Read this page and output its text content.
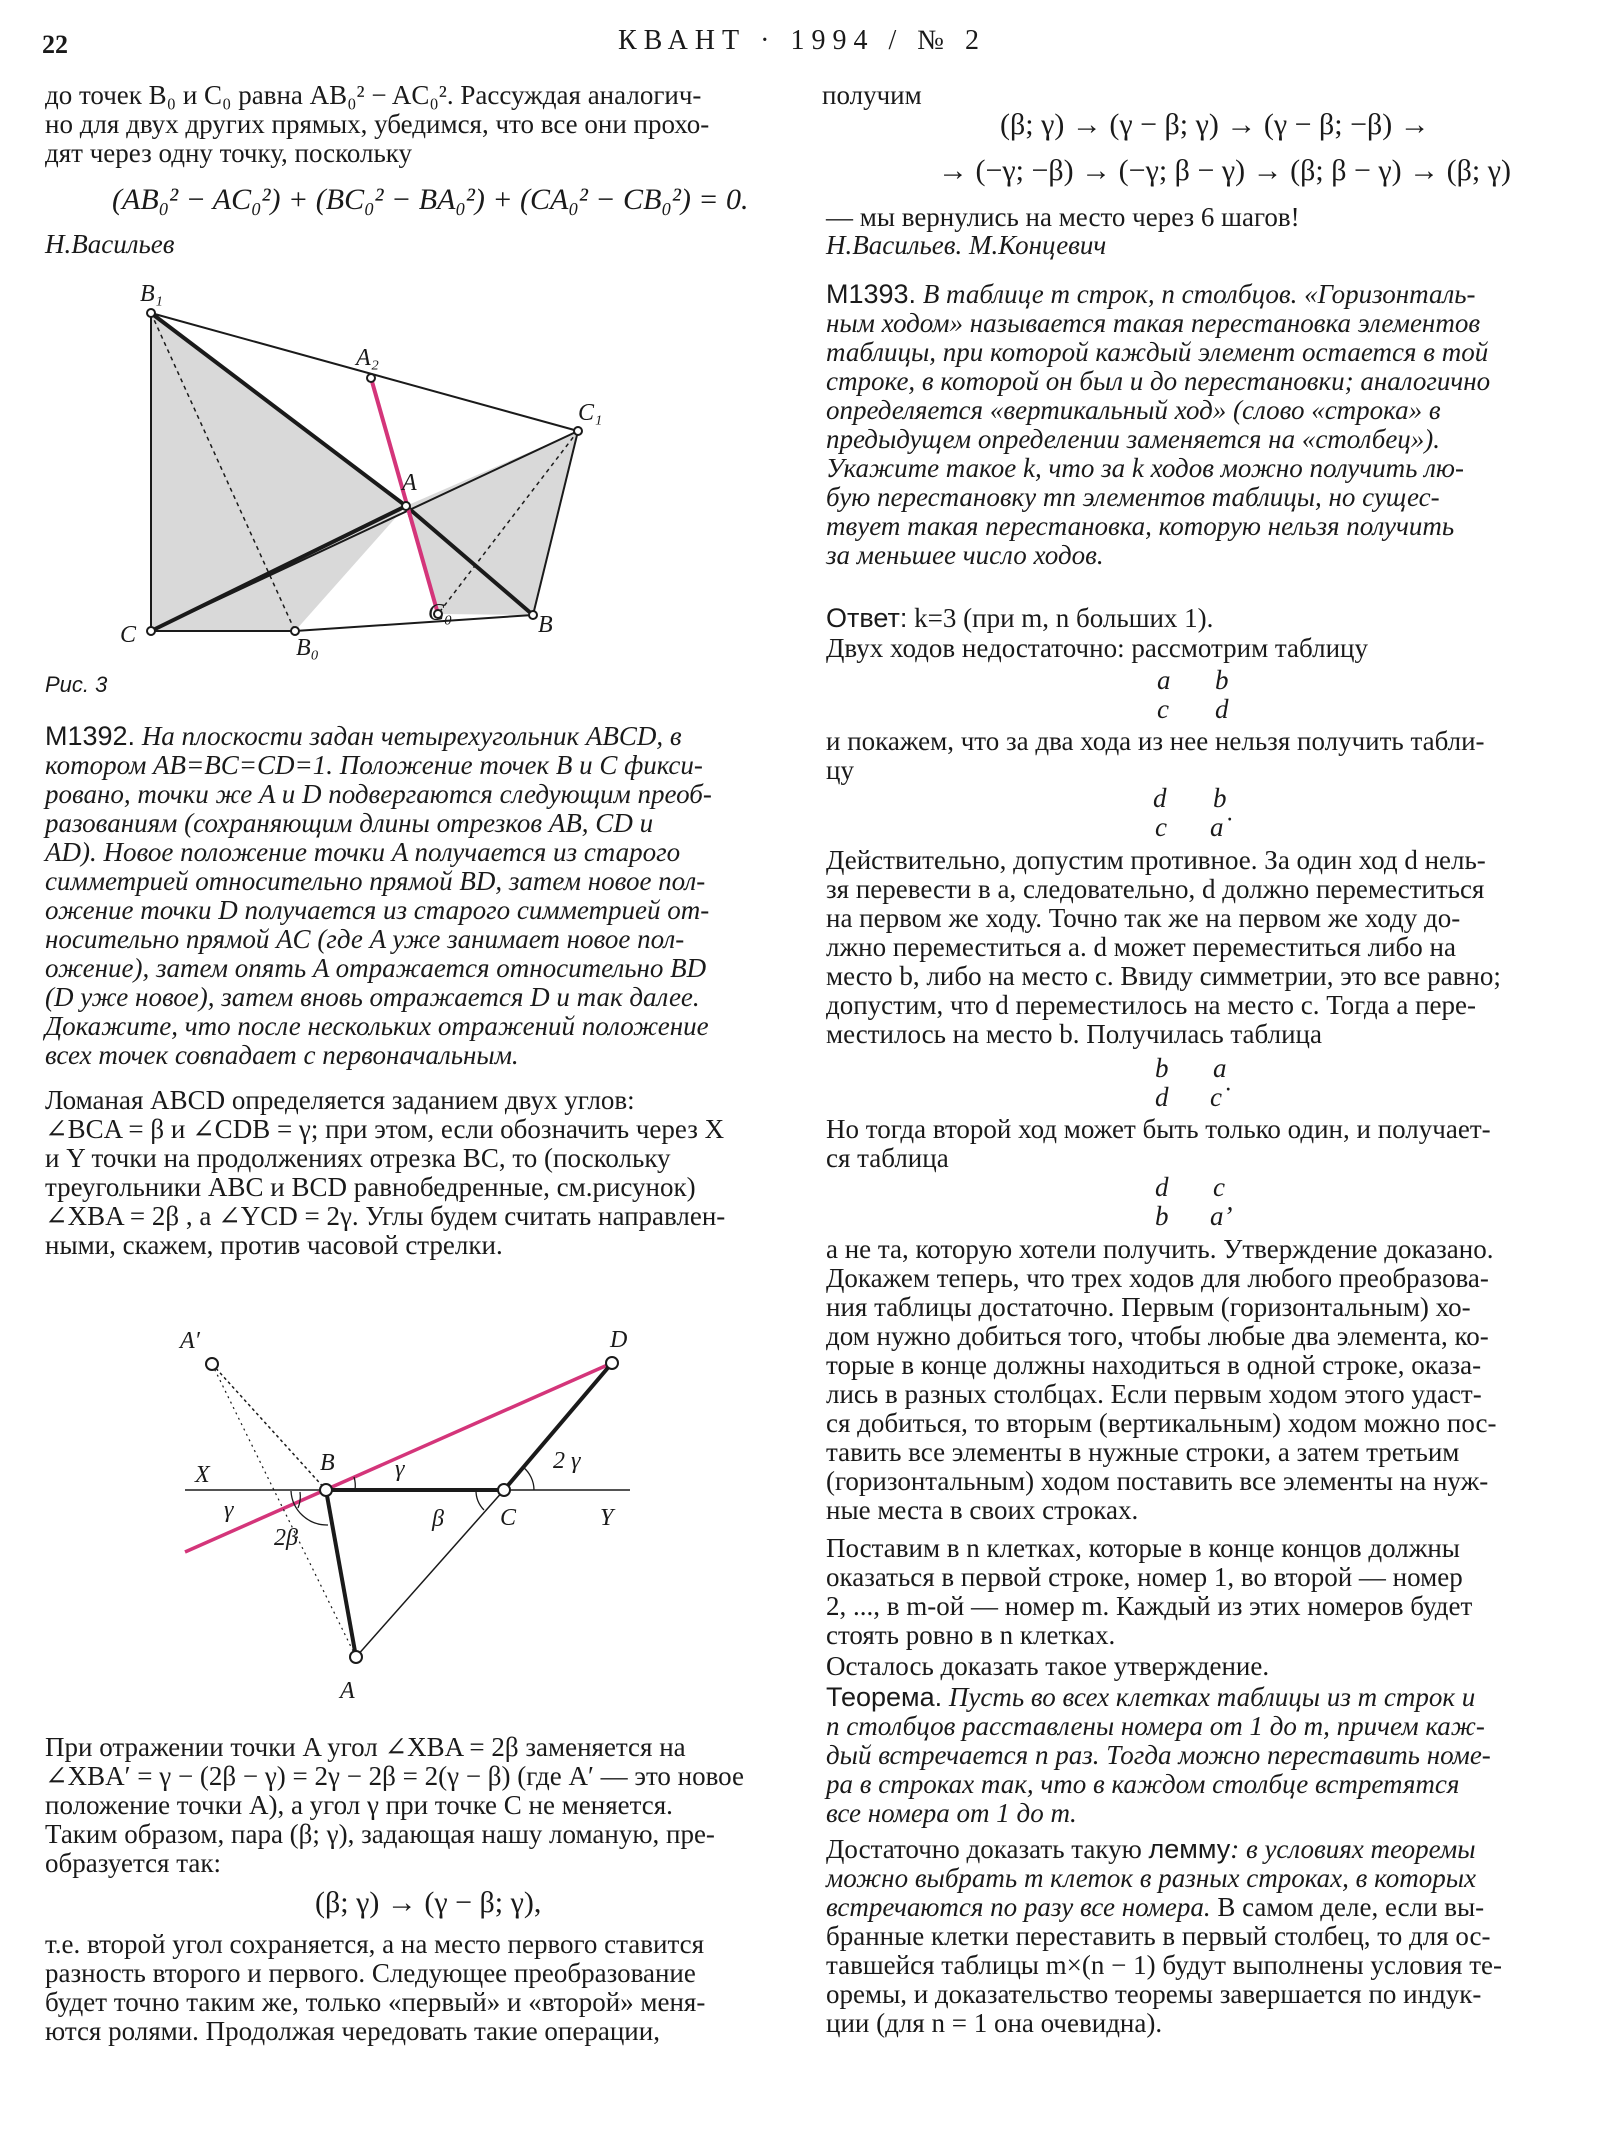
22	КВАНТ · 1994 / № 2
до точек B₀ и C₀ равна AB₀² − AC₀². Рассуждая аналогич-
но для двух других прямых, убедимся, что все они прохо-
дят через одну точку, поскольку
(AB₀² − AC₀²) + (BC₀² − BA₀²) + (CA₀² − CB₀²) = 0.
Н.Васильев
B₁
A₂
C₁
A
C	B₀
C₀	B
Рис. 3
М1392. На плоскости задан четырехугольник ABCD, в
котором AB=BC=CD=1. Положение точек B и C фикси-
ровано, точки же A и D подвергаются следующим преоб-
разованиям (сохраняющим длины отрезков AB, CD и
AD). Новое положение точки A получается из старого
симметрией относительно прямой BD, затем новое пол-
ожение точки D получается из старого симметрией от-
носительно прямой AC (где A уже занимает новое пол-
ожение), затем опять A отражается относительно BD
(D уже новое), затем вновь отражается D и так далее.
Докажите, что после нескольких отражений положение
всех точек совпадает с первоначальным.
Ломаная ABCD определяется заданием двух углов:
∠BCA = β и ∠CDB = γ; при этом, если обозначить через X
и Y точки на продолжениях отрезка BC, то (поскольку
треугольники ABC и BCD равнобедренные, см.рисунок)
∠XBA = 2β , а ∠YCD = 2γ. Углы будем считать направлен-
ными, скажем, против часовой стрелки.
A′	D
X	B
γ
γ	2 γ
2β
β C	Y
A
При отражении точки A угол ∠XBA = 2β заменяется на
∠XBA′ = γ − (2β − γ) = 2γ − 2β = 2(γ − β) (где A′ — это новое
положение точки A), а угол γ при точке C не меняется.
Таким образом, пара (β; γ), задающая нашу ломаную, пре-
образуется так:
(β; γ) → (γ − β; γ),
т.е. второй угол сохраняется, а на место первого ставится
разность второго и первого. Следующее преобразование
будет точно таким же, только «первый» и «второй» меня-
ются ролями. Продолжая чередовать такие операции,
получим
(β; γ) → (γ − β; γ) → (γ − β; −β) →
→ (−γ; −β) → (−γ; β − γ) → (β; β − γ) → (β; γ)
— мы вернулись на место через 6 шагов!
Н.Васильев. М.Концевич
М1393. В таблице m строк, n столбцов. «Горизонталь-
ным ходом» называется такая перестановка элементов
таблицы, при которой каждый элемент остается в той
строке, в которой он был и до перестановки; аналогично
определяется «вертикальный ход» (слово «строка» в
предыдущем определении заменяется на «столбец»).
Укажите такое k, что за k ходов можно получить лю-
бую перестановку mn элементов таблицы, но сущес-
твует такая перестановка, которую нельзя получить
за меньшее число ходов.
Ответ: k=3 (при m, n больших 1).
Двух ходов недостаточно: рассмотрим таблицу
a b
c d
и покажем, что за два хода из нее нельзя получить табли-
цу
d b
c a˙
Действительно, допустим противное. За один ход d нель-
зя перевести в a, следовательно, d должно переместиться
на первом же ходу. Точно так же на первом же ходу до-
лжно переместиться a. d может переместиться либо на
место b, либо на место c. Ввиду симметрии, это все равно;
допустим, что d переместилось на место c. Тогда a пере-
местилось на место b. Получилась таблица
b a
d c˙
Но тогда второй ход может быть только один, и получает-
ся таблица
d c
b a’
а не та, которую хотели получить. Утверждение доказано.
Докажем теперь, что трех ходов для любого преобразова-
ния таблицы достаточно. Первым (горизонтальным) хо-
дом нужно добиться того, чтобы любые два элемента, ко-
торые в конце должны находиться в одной строке, оказа-
лись в разных столбцах. Если первым ходом этого удаст-
ся добиться, то вторым (вертикальным) ходом можно пос-
тавить все элементы в нужные строки, а затем третьим
(горизонтальным) ходом поставить все элементы на нуж-
ные места в своих строках.
Поставим в n клетках, которые в конце концов должны
оказаться в первой строке, номер 1, во второй — номер
2, ..., в m-ой — номер m. Каждый из этих номеров будет
стоять ровно в n клетках.
Осталось доказать такое утверждение.
Теорема. Пусть во всех клетках таблицы из m строк и
n столбцов расставлены номера от 1 до m, причем каж-
дый встречается n раз. Тогда можно переставить номе-
ра в строках так, что в каждом столбце встретятся
все номера от 1 до m.
Достаточно доказать такую лемму: в условиях теоремы
можно выбрать m клеток в разных строках, в которых
встречаются по разу все номера. В самом деле, если вы-
бранные клетки переставить в первый столбец, то для ос-
тавшейся таблицы m×(n − 1) будут выполнены условия те-
оремы, и доказательство теоремы завершается по индук-
ции (для n = 1 она очевидна).
